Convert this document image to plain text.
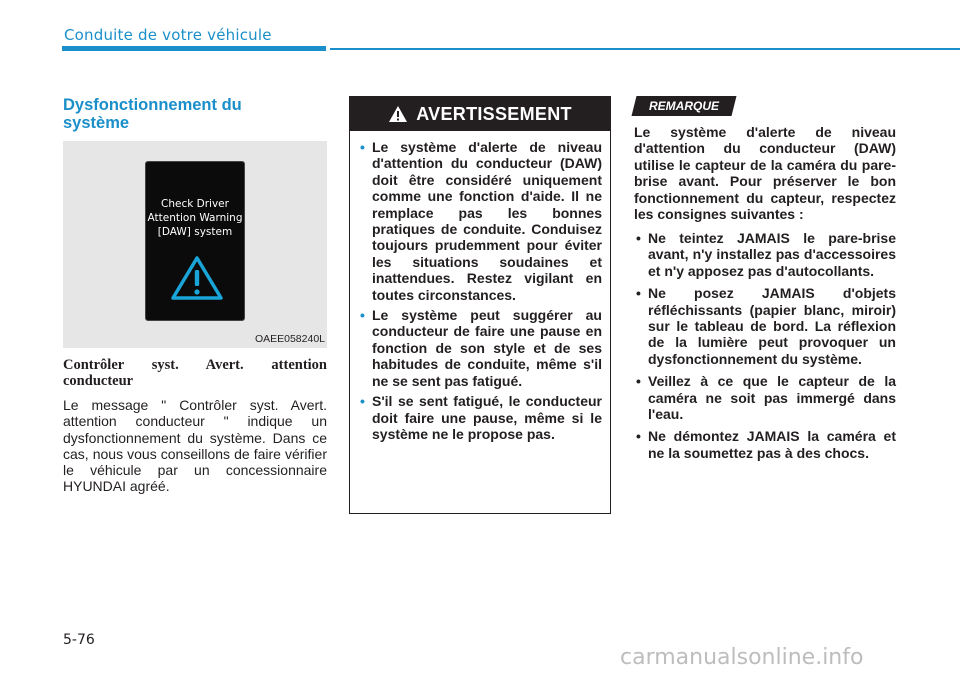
Conduite de votre véhicule
Dysfonctionnement du système
Check Driver
Attention Warning
[DAW] system
OAEE058240L
Contrôler syst. Avert. attention conducteur

Le message " Contrôler syst. Avert. attention conducteur " indique un dysfonctionnement du système. Dans ce cas, nous vous conseillons de faire vérifier le véhicule par un concessionnaire HYUNDAI agréé.

AVERTISSEMENT
• Le système d'alerte de niveau d'attention du conducteur (DAW) doit être considéré uniquement comme une fonction d'aide. Il ne remplace pas les bonnes pratiques de conduite. Conduisez toujours prudemment pour éviter les situations soudaines et inattendues. Restez vigilant en toutes circonstances.
• Le système peut suggérer au conducteur de faire une pause en fonction de son style et de ses habitudes de conduite, même s'il ne se sent pas fatigué.
• S'il se sent fatigué, le conducteur doit faire une pause, même si le système ne le propose pas.
REMARQUE

Le système d'alerte de niveau d'attention du conducteur (DAW) utilise le capteur de la caméra du pare-brise avant. Pour préserver le bon fonctionnement du capteur, respectez les consignes suivantes :

• Ne teintez JAMAIS le pare-brise avant, n'y installez pas d'accessoires et n'y apposez pas d'autocollants.
• Ne posez JAMAIS d'objets réfléchissants (papier blanc, miroir) sur le tableau de bord. La réflexion de la lumière peut provoquer un dysfonctionnement du système.
• Veillez à ce que le capteur de la caméra ne soit pas immergé dans l'eau.
• Ne démontez JAMAIS la caméra et ne la soumettez pas à des chocs.
5-76
carmanualsonline.info
